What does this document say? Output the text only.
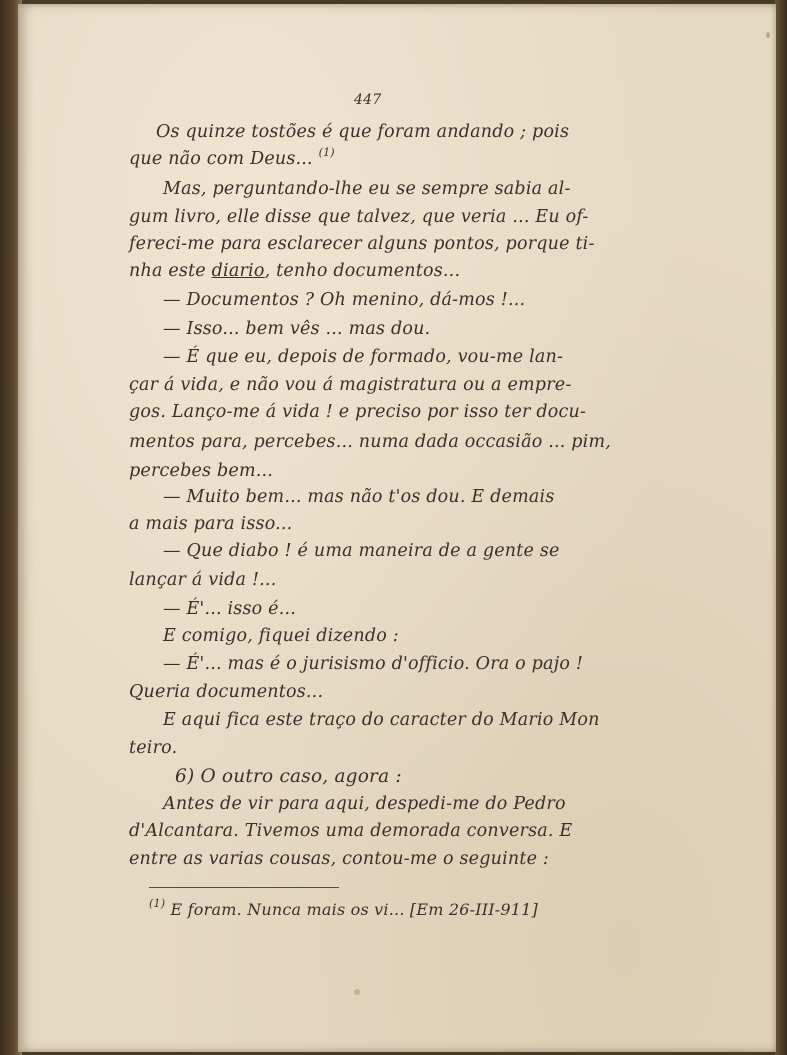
447
Os quinze tostões é que foram andando ; pois
que não com Deus... $^{(1)}$
Mas, perguntando-lhe eu se sempre sabia al-
gum livro, elle disse que talvez, que veria ... Eu of-
fereci-me para esclarecer alguns pontos, porque ti-
nha este diario, tenho documentos...
— Documentos ? Oh menino, dá-mos !...
— Isso... bem vês ... mas dou.
— É que eu, depois de formado, vou-me lan-
çar á vida, e não vou á magistratura ou a empre-
gos. Lanço-me á vida ! e preciso por isso ter docu-
mentos para, percebes... numa dada occasião ... pim,
percebes bem...
— Muito bem... mas não t'os dou. E demais
a mais para isso...
— Que diabo ! é uma maneira de a gente se
lançar á vida !...
— É'... isso é...
E comigo, fiquei dizendo :
— É'... mas é o jurisismo d'officio. Ora o pajo !
Queria documentos...
E aqui fica este traço do caracter do Mario Mon
teiro.
6) O outro caso, agora :
Antes de vir para aqui, despedi-me do Pedro
d'Alcantara. Tivemos uma demorada conversa. E
entre as varias cousas, contou-me o seguinte :
$^{(1)}$ E foram. Nunca mais os vi... [Em 26-III-911]
